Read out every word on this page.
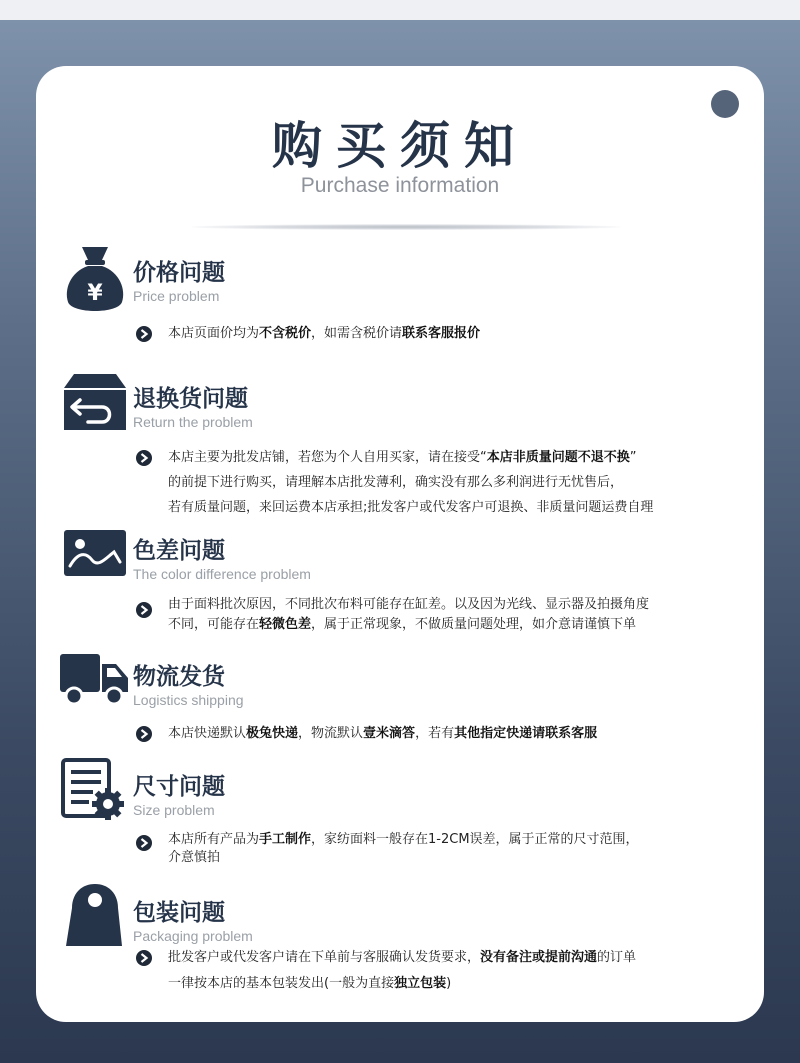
购买须知
Purchase information
¥
价格问题
Price problem
本店页面价均为不含税价，如需含税价请联系客服报价
退换货问题
Return the problem
本店主要为批发店铺，若您为个人自用买家，请在接受“本店非质量问题不退不换”
的前提下进行购买，请理解本店批发薄利，确实没有那么多利润进行无忧售后，
若有质量问题，来回运费本店承担;批发客户或代发客户可退换、非质量问题运费自理
色差问题
The color difference problem
由于面料批次原因，不同批次布料可能存在缸差。以及因为光线、显示器及拍摄角度
不同，可能存在轻微色差，属于正常现象，不做质量问题处理，如介意请谨慎下单
物流发货
Logistics shipping
本店快递默认极兔快递，物流默认壹米滴答，若有其他指定快递请联系客服
尺寸问题
Size problem
本店所有产品为手工制作，家纺面料一般存在1-2CM误差，属于正常的尺寸范围，
介意慎拍
包装问题
Packaging problem
批发客户或代发客户请在下单前与客服确认发货要求，没有备注或提前沟通的订单
一律按本店的基本包装发出(一般为直接独立包装)
